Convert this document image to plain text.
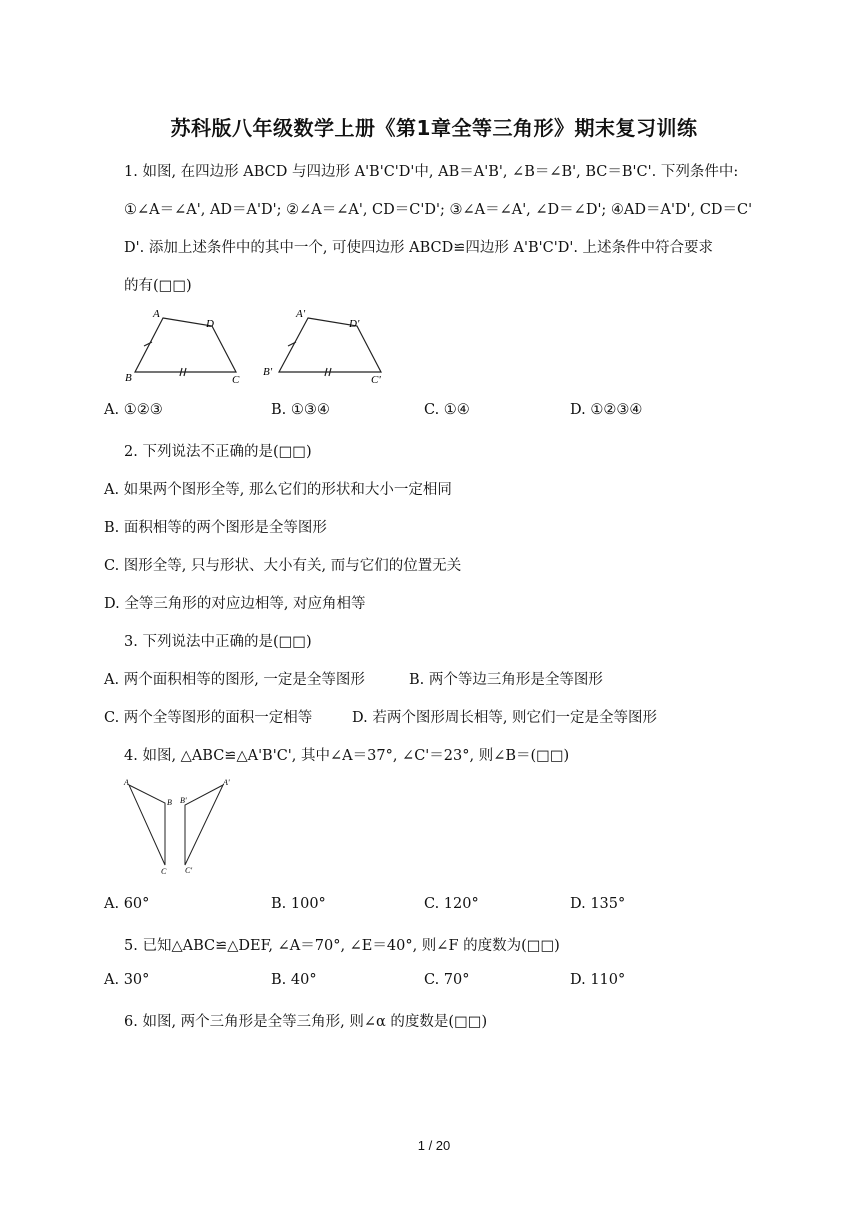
苏科版八年级数学上册《第1章全等三角形》期末复习训练
1. 如图, 在四边形 ABCD 与四边形 A'B'C'D'中, AB＝A'B', ∠B＝∠B', BC＝B'C'. 下列条件中:
①∠A＝∠A', AD＝A'D'; ②∠A＝∠A', CD＝C'D'; ③∠A＝∠A', ∠D＝∠D'; ④AD＝A'D', CD＝C'
D'. 添加上述条件中的其中一个, 可使四边形 ABCD≌四边形 A'B'C'D'. 上述条件中符合要求
的有(□□)
A
D
B	C
A'
D'
B'
C'
A. ①②③	B. ①③④	C. ①④	D. ①②③④
2. 下列说法不正确的是(□□)
A. 如果两个图形全等, 那么它们的形状和大小一定相同
B. 面积相等的两个图形是全等图形
C. 图形全等, 只与形状、大小有关, 而与它们的位置无关
D. 全等三角形的对应边相等, 对应角相等
3. 下列说法中正确的是(□□)
A. 两个面积相等的图形, 一定是全等图形	B. 两个等边三角形是全等图形
C. 两个全等图形的面积一定相等	D. 若两个图形周长相等, 则它们一定是全等图形
4. 如图, △ABC≌△A'B'C', 其中∠A＝37°, ∠C'＝23°, 则∠B＝(□□)
A
B
C
A'
B'
C'
A. 60°	B. 100°	C. 120°	D. 135°
5. 已知△ABC≌△DEF, ∠A＝70°, ∠E＝40°, 则∠F 的度数为(□□)
A. 30°	B. 40°	C. 70°	D. 110°
6. 如图, 两个三角形是全等三角形, 则∠α 的度数是(□□)
1 / 20
